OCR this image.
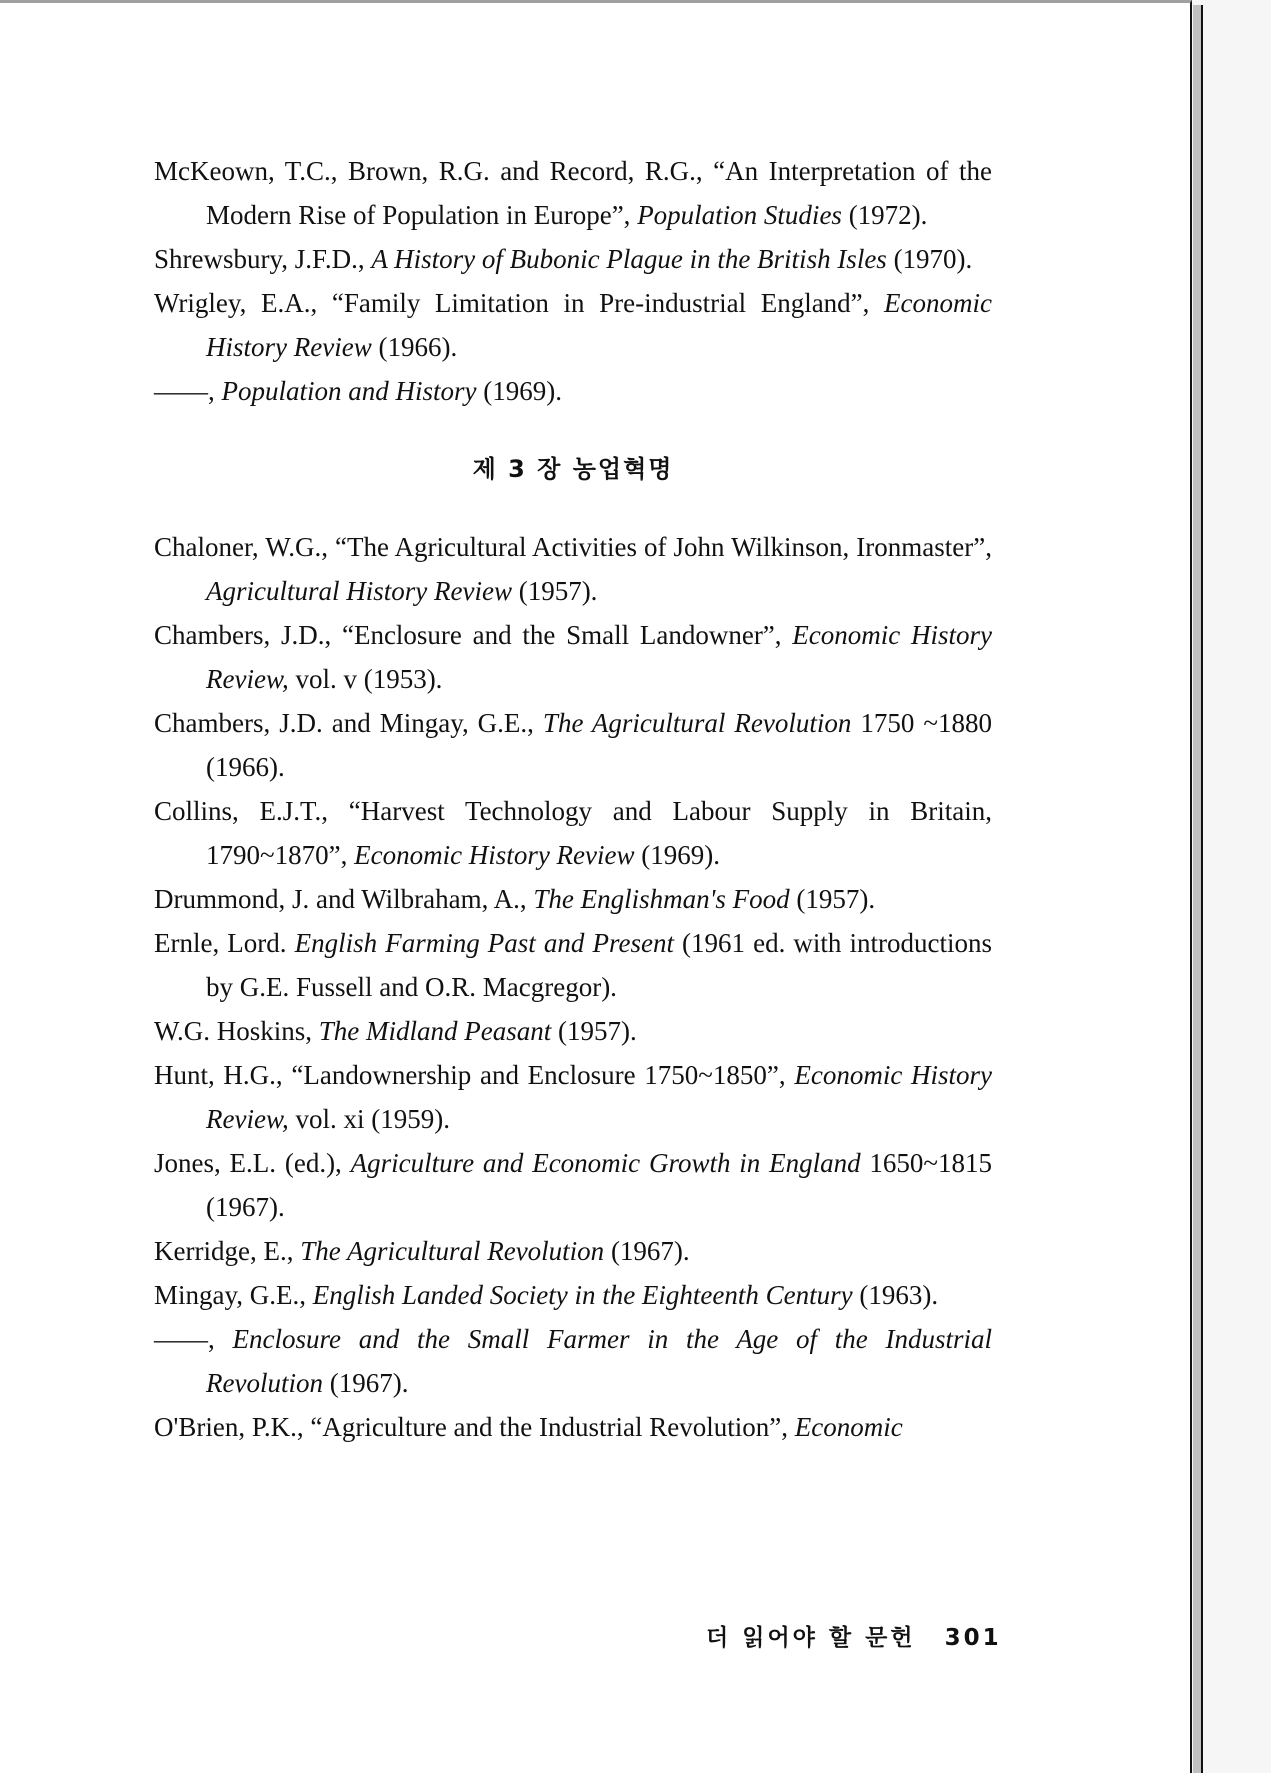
McKeown, T.C., Brown, R.G. and Record, R.G., “An Interpretation of the Modern Rise of Population in Europe”, Population Studies (1972).

Shrewsbury, J.F.D., A History of Bubonic Plague in the British Isles (1970).

Wrigley, E.A., “Family Limitation in Pre-industrial England”, Economic History Review (1966).

——, Population and History (1969).

제 3 장 농업혁명

Chaloner, W.G., “The Agricultural Activities of John Wilkinson, Ironmaster”, Agricultural History Review (1957).

Chambers, J.D., “Enclosure and the Small Landowner”, Economic History Review, vol. v (1953).

Chambers, J.D. and Mingay, G.E., The Agricultural Revolution 1750 ~1880 (1966).

Collins, E.J.T., “Harvest Technology and Labour Supply in Britain, 1790~1870”, Economic History Review (1969).

Drummond, J. and Wilbraham, A., The Englishman's Food (1957).

Ernle, Lord. English Farming Past and Present (1961 ed. with introductions by G.E. Fussell and O.R. Macgregor).

W.G. Hoskins, The Midland Peasant (1957).

Hunt, H.G., “Landownership and Enclosure 1750~1850”, Economic History Review, vol. xi (1959).

Jones, E.L. (ed.), Agriculture and Economic Growth in England 1650~1815 (1967).

Kerridge, E., The Agricultural Revolution (1967).

Mingay, G.E., English Landed Society in the Eighteenth Century (1963).

——, Enclosure and the Small Farmer in the Age of the Industrial Revolution (1967).

O'Brien, P.K., “Agriculture and the Industrial Revolution”, Economic

더 읽어야 할 문헌 301
